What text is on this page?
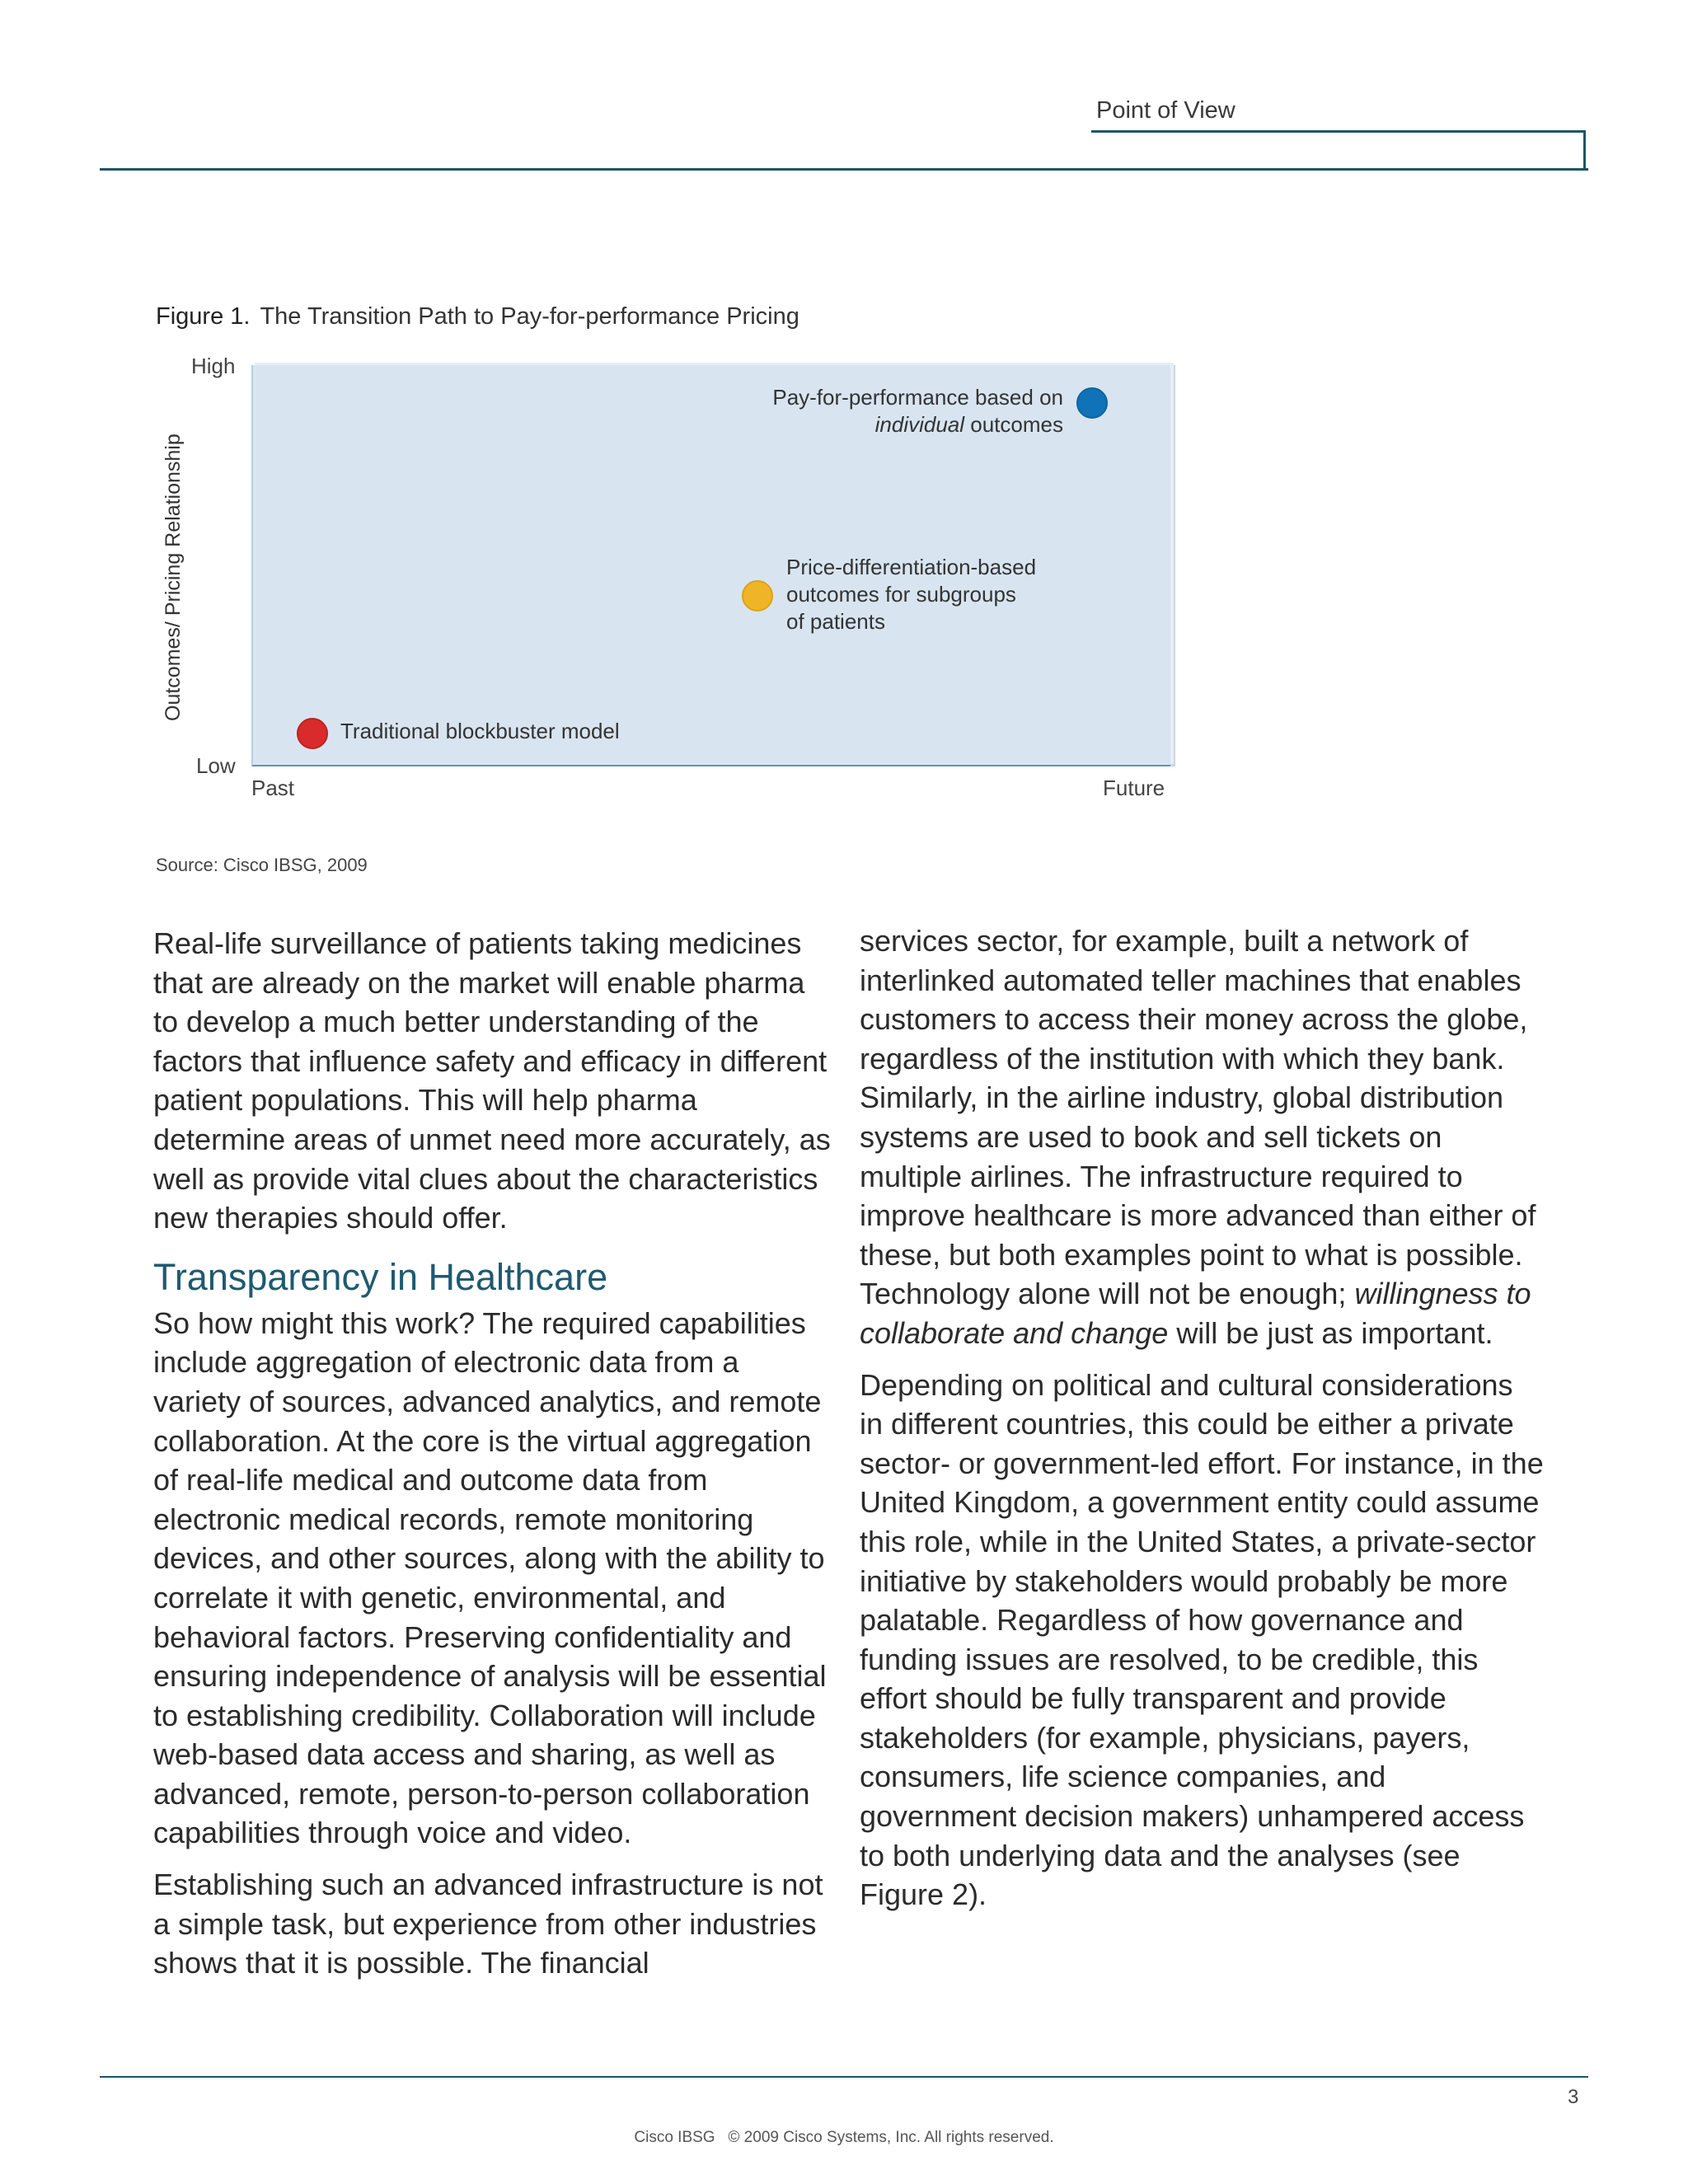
Point of View
Figure 1. The Transition Path to Pay-for-performance Pricing
Outcomes/ Pricing Relationship
High
Low
Past	Future
Traditional blockbuster model
Price-differentiation-based
outcomes for subgroups
of patients
Pay-for-performance based on
individual outcomes
Source: Cisco IBSG, 2009

Real-life surveillance of patients taking medicines that are already on the market will enable pharma to develop a much better understanding of the factors that influence safety and efficacy in different patient populations. This will help pharma determine areas of unmet need more accurately, as well as provide vital clues about the characteristics new therapies should offer.

Transparency in Healthcare

So how might this work? The required capabilities include aggregation of electronic data from a variety of sources, advanced analytics, and remote collaboration. At the core is the virtual aggregation of real-life medical and outcome data from electronic medical records, remote monitoring devices, and other sources, along with the ability to correlate it with genetic, environmental, and behavioral factors. Preserving confidentiality and ensuring independence of analysis will be essential to establishing credibility. Collaboration will include web-based data access and sharing, as well as advanced, remote, person-to-person collaboration capabilities through voice and video.

Establishing such an advanced infrastructure is not a simple task, but experience from other industries shows that it is possible. The financial

services sector, for example, built a network of interlinked automated teller machines that enables customers to access their money across the globe, regardless of the institution with which they bank. Similarly, in the airline industry, global distribution systems are used to book and sell tickets on multiple airlines. The infrastructure required to improve healthcare is more advanced than either of these, but both examples point to what is possible. Technology alone will not be enough; willingness to collaborate and change will be just as important.

Depending on political and cultural considerations in different countries, this could be either a private sector- or government-led effort. For instance, in the United Kingdom, a government entity could assume this role, while in the United States, a private-sector initiative by stakeholders would probably be more palatable. Regardless of how governance and funding issues are resolved, to be credible, this effort should be fully transparent and provide stakeholders (for example, physicians, payers, consumers, life science companies, and government decision makers) unhampered access to both underlying data and the analyses (see Figure 2).

Cisco IBSG   © 2009 Cisco Systems, Inc. All rights reserved.
3
